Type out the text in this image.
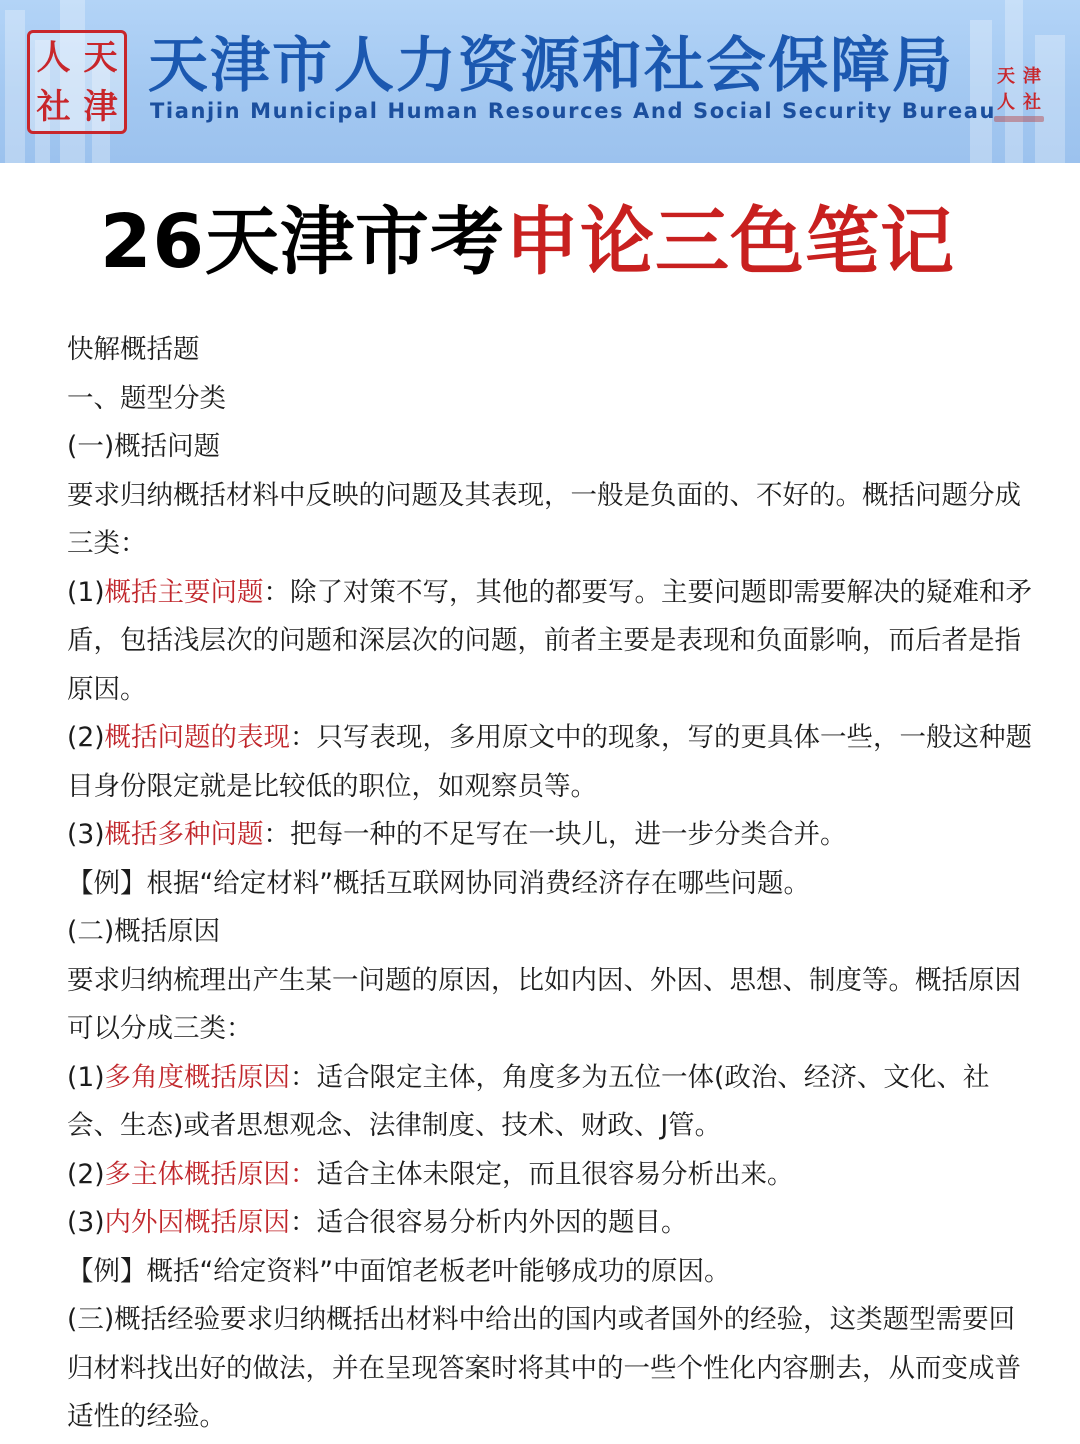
人 天
社 津
天津市人力资源和社会保障局
Tianjin Municipal Human Resources And Social Security Bureau
天 津
人 社
26天津市考申论三色笔记

快解概括题

一、题型分类

(一)概括问题

要求归纳概括材料中反映的问题及其表现，一般是负面的、不好的。概括问题分成三类：

(1)概括主要问题：除了对策不写，其他的都要写。主要问题即需要解决的疑难和矛盾，包括浅层次的问题和深层次的问题，前者主要是表现和负面影响，而后者是指原因。

(2)概括问题的表现：只写表现，多用原文中的现象，写的更具体一些，一般这种题目身份限定就是比较低的职位，如观察员等。

(3)概括多种问题：把每一种的不足写在一块儿，进一步分类合并。

【例】根据“给定材料”概括互联网协同消费经济存在哪些问题。

(二)概括原因

要求归纳梳理出产生某一问题的原因，比如内因、外因、思想、制度等。概括原因可以分成三类：

(1)多角度概括原因：适合限定主体，角度多为五位一体(政治、经济、文化、社会、生态)或者思想观念、法律制度、技术、财政、J管。

(2)多主体概括原因：适合主体未限定，而且很容易分析出来。

(3)内外因概括原因：适合很容易分析内外因的题目。

【例】概括“给定资料”中面馆老板老叶能够成功的原因。

(三)概括经验要求归纳概括出材料中给出的国内或者国外的经验，这类题型需要回归材料找出好的做法，并在呈现答案时将其中的一些个性化内容删去，从而变成普适性的经验。
